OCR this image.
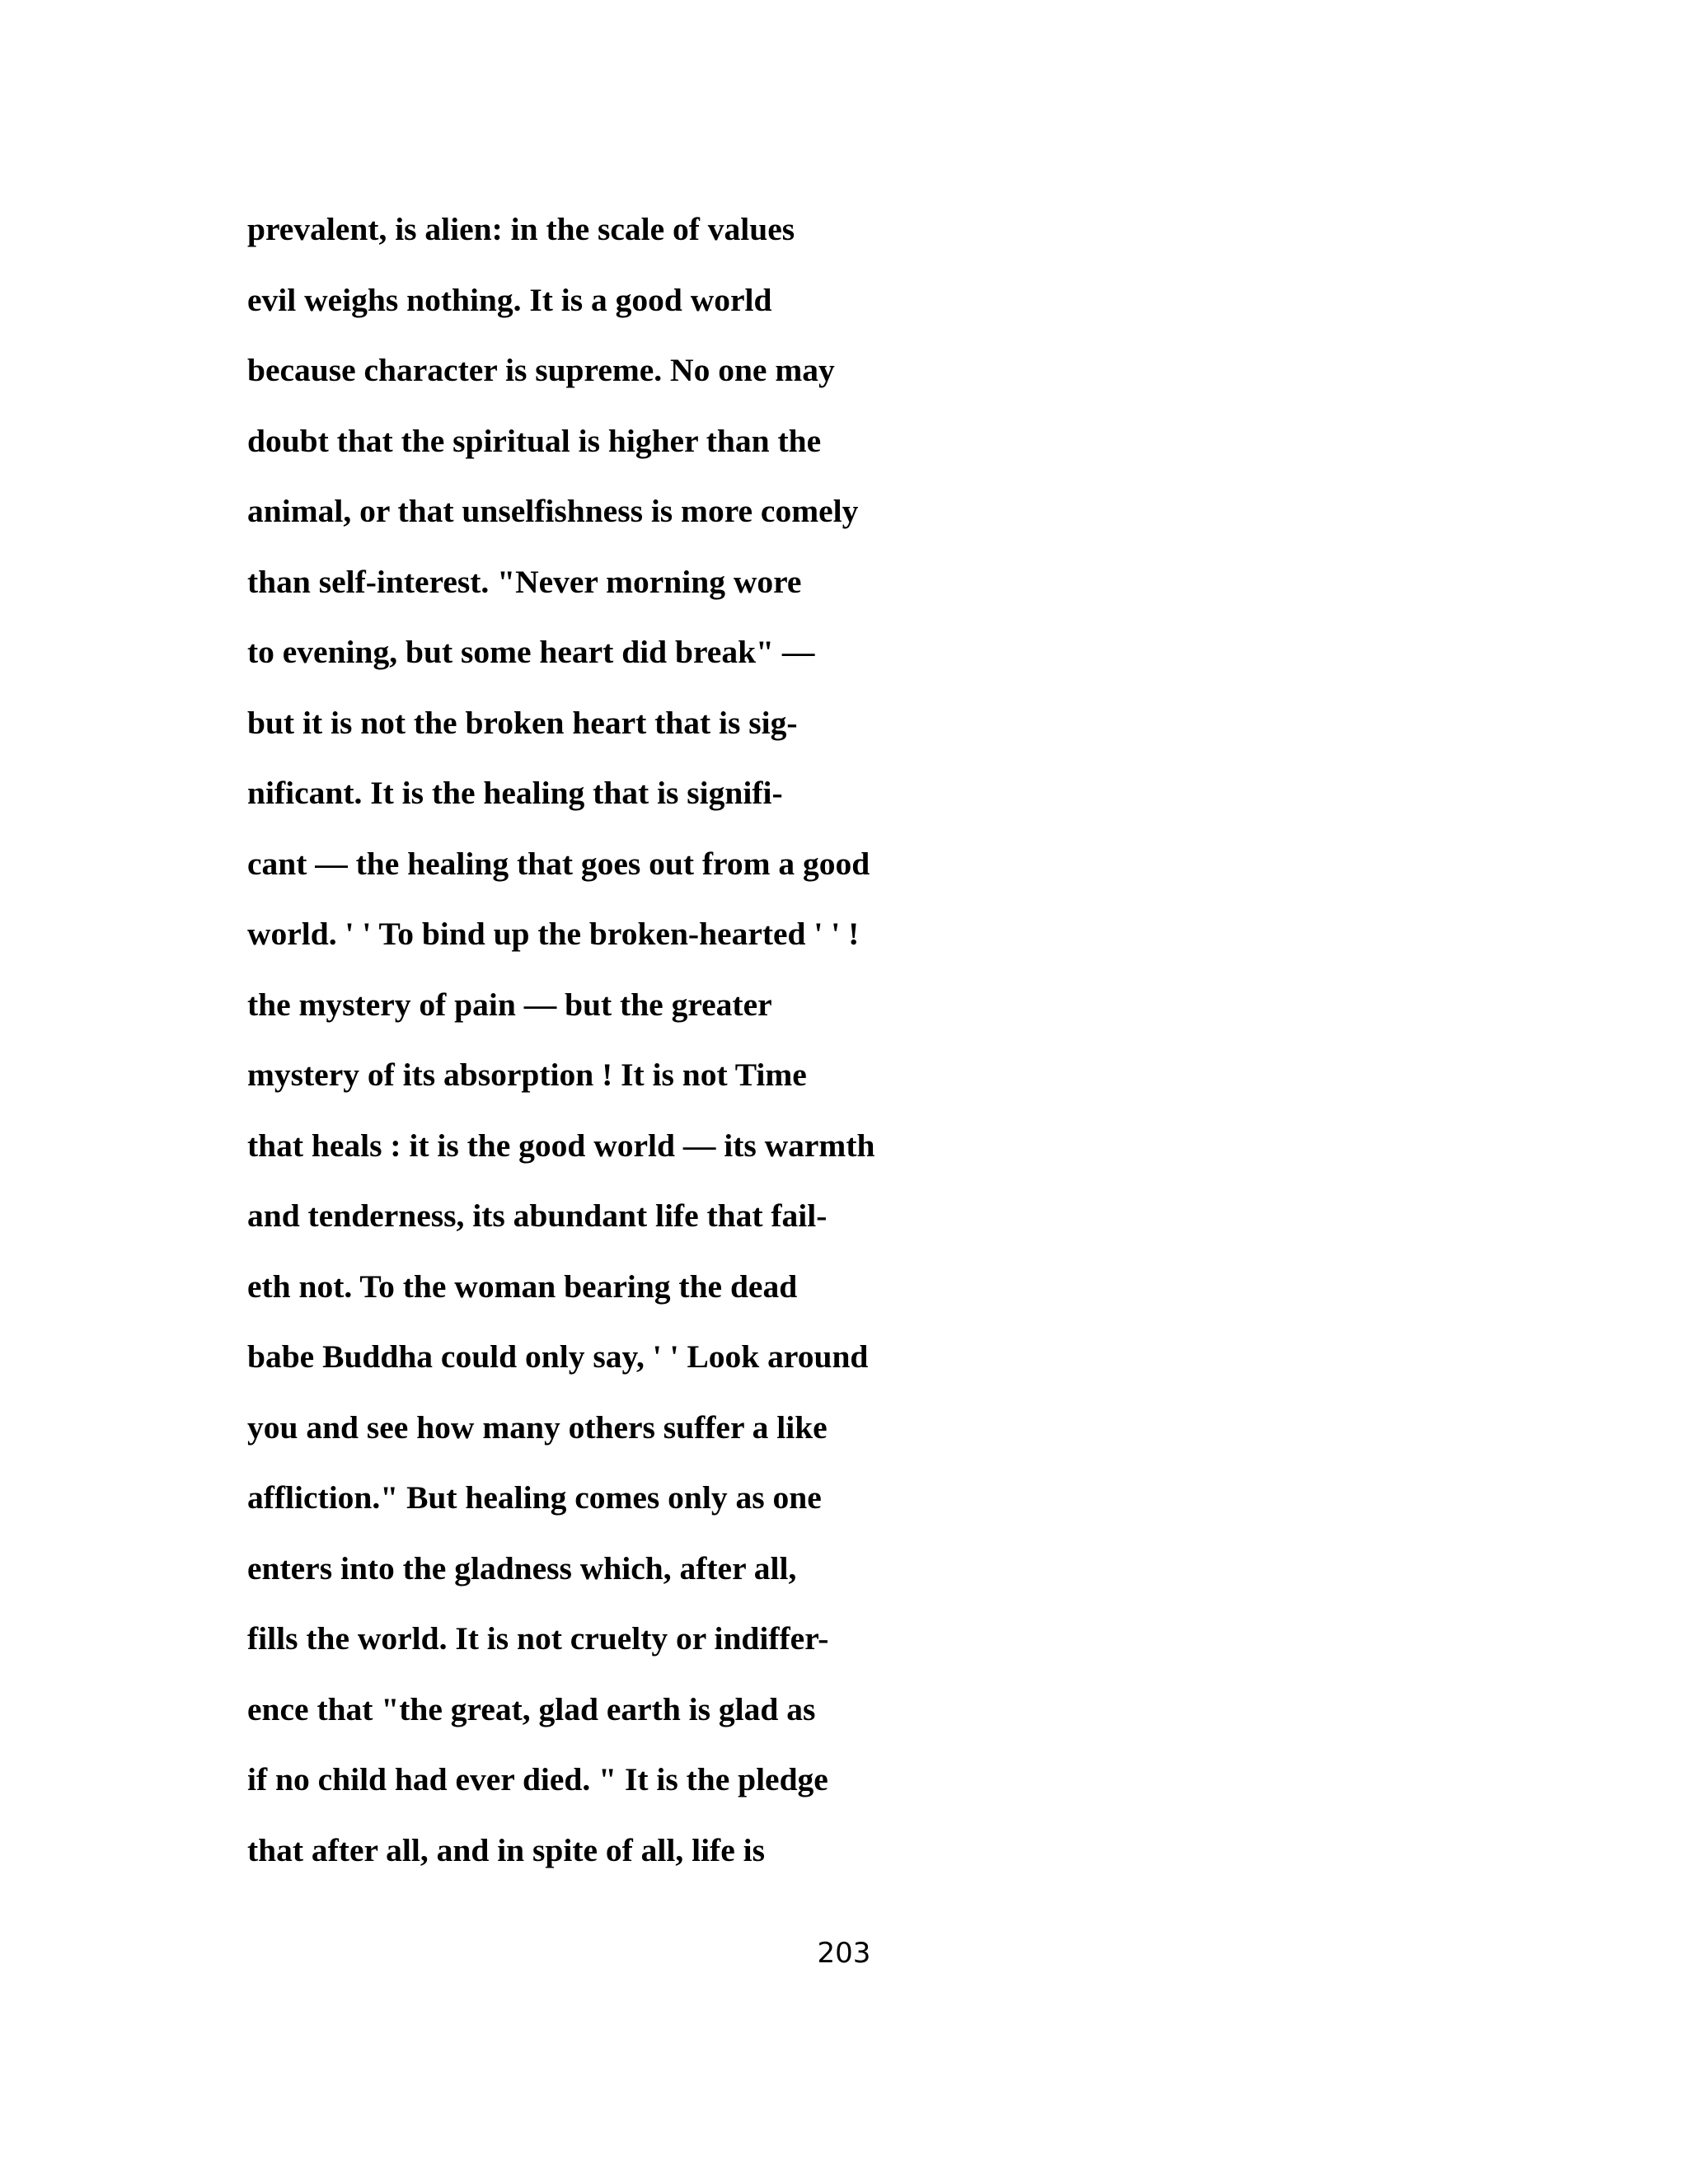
prevalent, is alien: in the scale of values
evil weighs nothing. It is a good world
because character is supreme. No one may
doubt that the spiritual is higher than the
animal, or that unselfishness is more comely
than self-interest. "Never morning wore
to evening, but some heart did break" —
but it is not the broken heart that is sig-
nificant. It is the healing that is signifi-
cant — the healing that goes out from a good
world. ' ' To bind up the broken-hearted ' ' !
the mystery of pain — but the greater
mystery of its absorption ! It is not Time
that heals : it is the good world — its warmth
and tenderness, its abundant life that fail-
eth not. To the woman bearing the dead
babe Buddha could only say, ' ' Look around
you and see how many others suffer a like
affliction." But healing comes only as one
enters into the gladness which, after all,
fills the world. It is not cruelty or indiffer-
ence that "the great, glad earth is glad as
if no child had ever died. " It is the pledge
that after all, and in spite of all, life is
203
